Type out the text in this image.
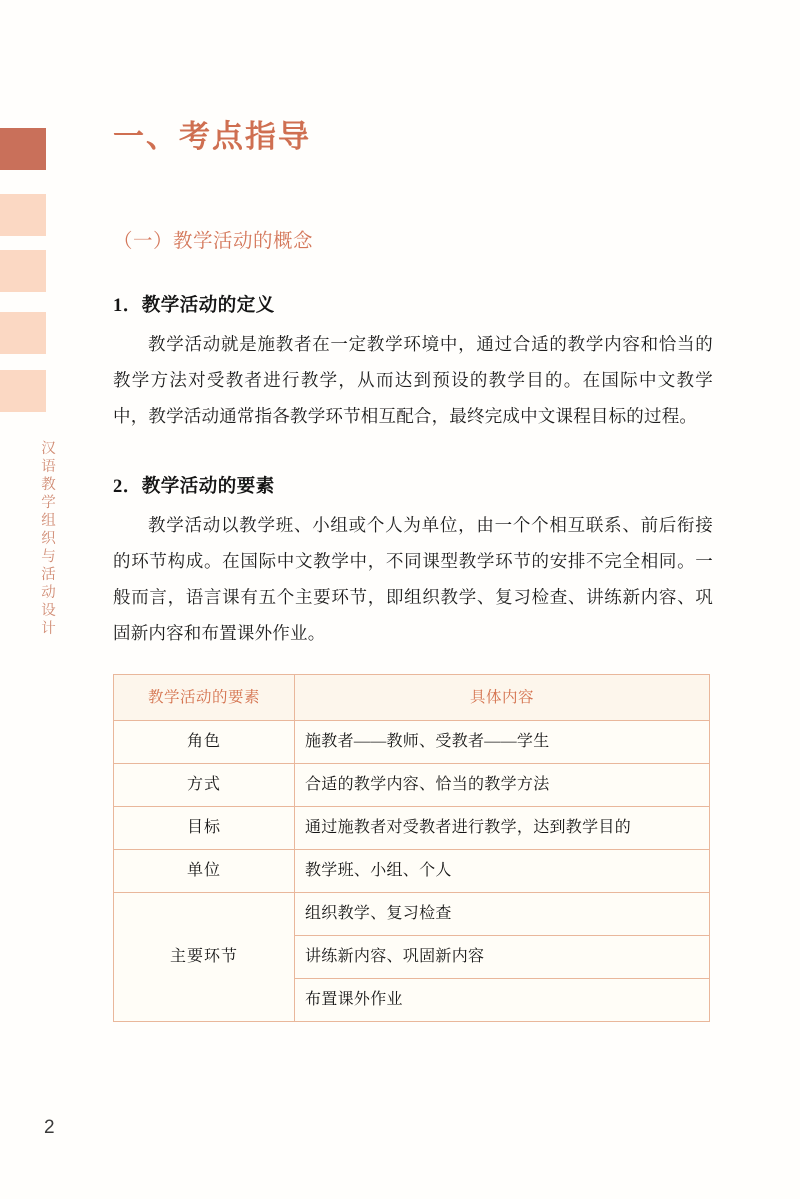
汉语教学组织与活动设计
一、考点指导
（一）教学活动的概念
1．教学活动的定义

教学活动就是施教者在一定教学环境中，通过合适的教学内容和恰当的教学方法对受教者进行教学，从而达到预设的教学目的。在国际中文教学中，教学活动通常指各教学环节相互配合，最终完成中文课程目标的过程。

2．教学活动的要素

教学活动以教学班、小组或个人为单位，由一个个相互联系、前后衔接的环节构成。在国际中文教学中，不同课型教学环节的安排不完全相同。一般而言，语言课有五个主要环节，即组织教学、复习检查、讲练新内容、巩固新内容和布置课外作业。

教学活动的要素	具体内容
角色	施教者——教师、受教者——学生
方式	合适的教学内容、恰当的教学方法
目标	通过施教者对受教者进行教学，达到教学目的
单位	教学班、小组、个人
主要环节	组织教学、复习检查
	讲练新内容、巩固新内容
	布置课外作业
2
